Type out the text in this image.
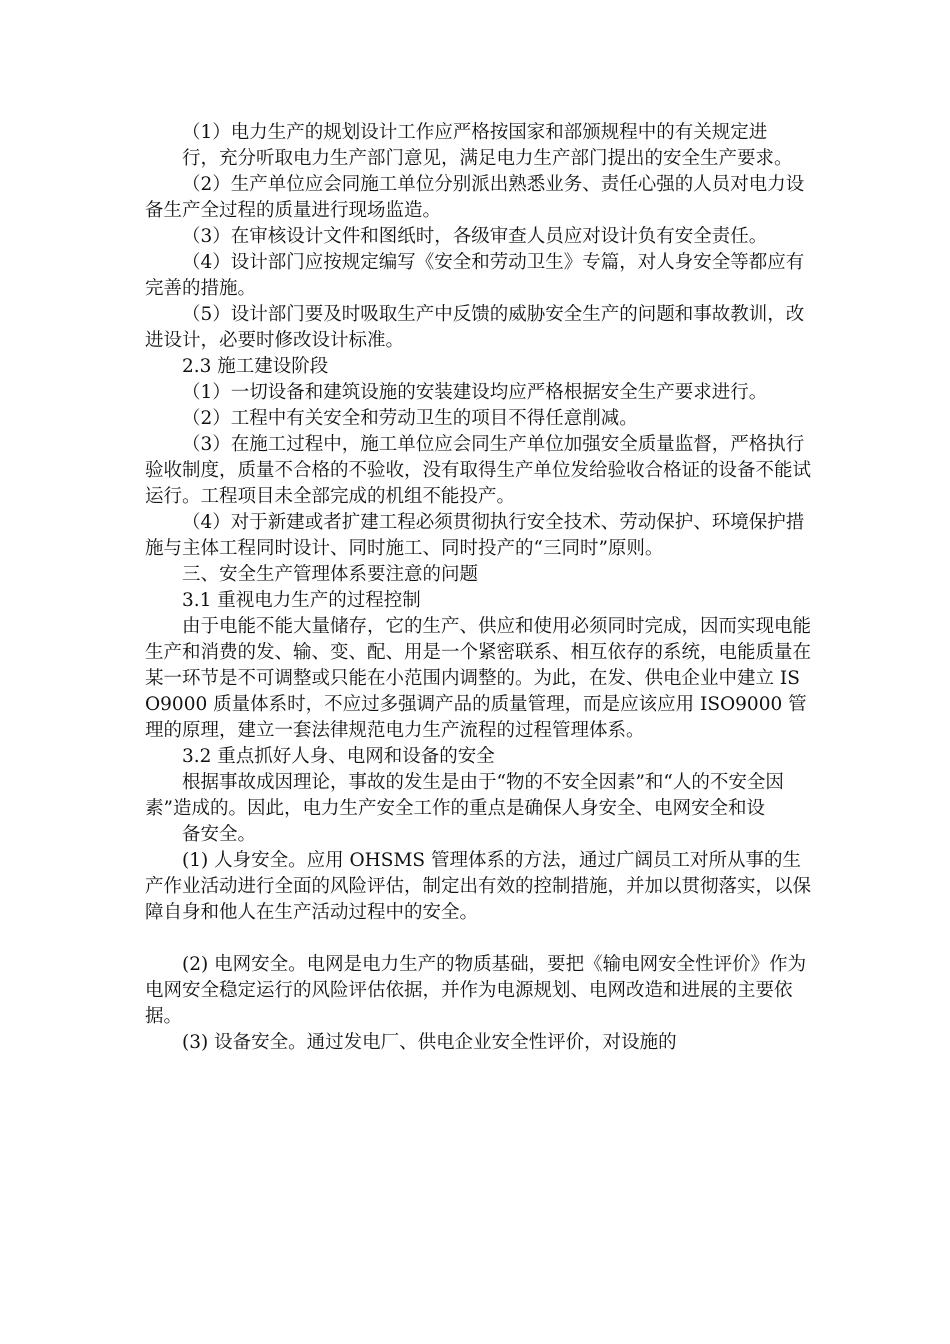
（1）电力生产的规划设计工作应严格按国家和部颁规程中的有关规定进

行，充分听取电力生产部门意见，满足电力生产部门提出的安全生产要求。

（2）生产单位应会同施工单位分别派出熟悉业务、责任心强的人员对电力设备生产全过程的质量进行现场监造。

（3）在审核设计文件和图纸时，各级审查人员应对设计负有安全责任。

（4）设计部门应按规定编写《安全和劳动卫生》专篇，对人身安全等都应有完善的措施。

（5）设计部门要及时吸取生产中反馈的威胁安全生产的问题和事故教训，改进设计，必要时修改设计标准。

2.3 施工建设阶段

（1）一切设备和建筑设施的安装建设均应严格根据安全生产要求进行。

（2）工程中有关安全和劳动卫生的项目不得任意削减。

（3）在施工过程中，施工单位应会同生产单位加强安全质量监督，严格执行验收制度，质量不合格的不验收，没有取得生产单位发给验收合格证的设备不能试运行。工程项目未全部完成的机组不能投产。

（4）对于新建或者扩建工程必须贯彻执行安全技术、劳动保护、环境保护措施与主体工程同时设计、同时施工、同时投产的“三同时”原则。

三、安全生产管理体系要注意的问题

3.1 重视电力生产的过程控制

由于电能不能大量储存，它的生产、供应和使用必须同时完成，因而实现电能生产和消费的发、输、变、配、用是一个紧密联系、相互依存的系统，电能质量在某一环节是不可调整或只能在小范围内调整的。为此，在发、供电企业中建立 ISO9000 质量体系时，不应过多强调产品的质量管理，而是应该应用 ISO9000 管理的原理，建立一套法律规范电力生产流程的过程管理体系。

3.2 重点抓好人身、电网和设备的安全

根据事故成因理论，事故的发生是由于“物的不安全因素”和“人的不安全因素”造成的。因此，电力生产安全工作的重点是确保人身安全、电网安全和设

备安全。

(1) 人身安全。应用 OHSMS 管理体系的方法，通过广阔员工对所从事的生产作业活动进行全面的风险评估，制定出有效的控制措施，并加以贯彻落实，以保障自身和他人在生产活动过程中的安全。

(2) 电网安全。电网是电力生产的物质基础，要把《输电网安全性评价》作为电网安全稳定运行的风险评估依据，并作为电源规划、电网改造和进展的主要依据。

(3) 设备安全。通过发电厂、供电企业安全性评价，对设施的
